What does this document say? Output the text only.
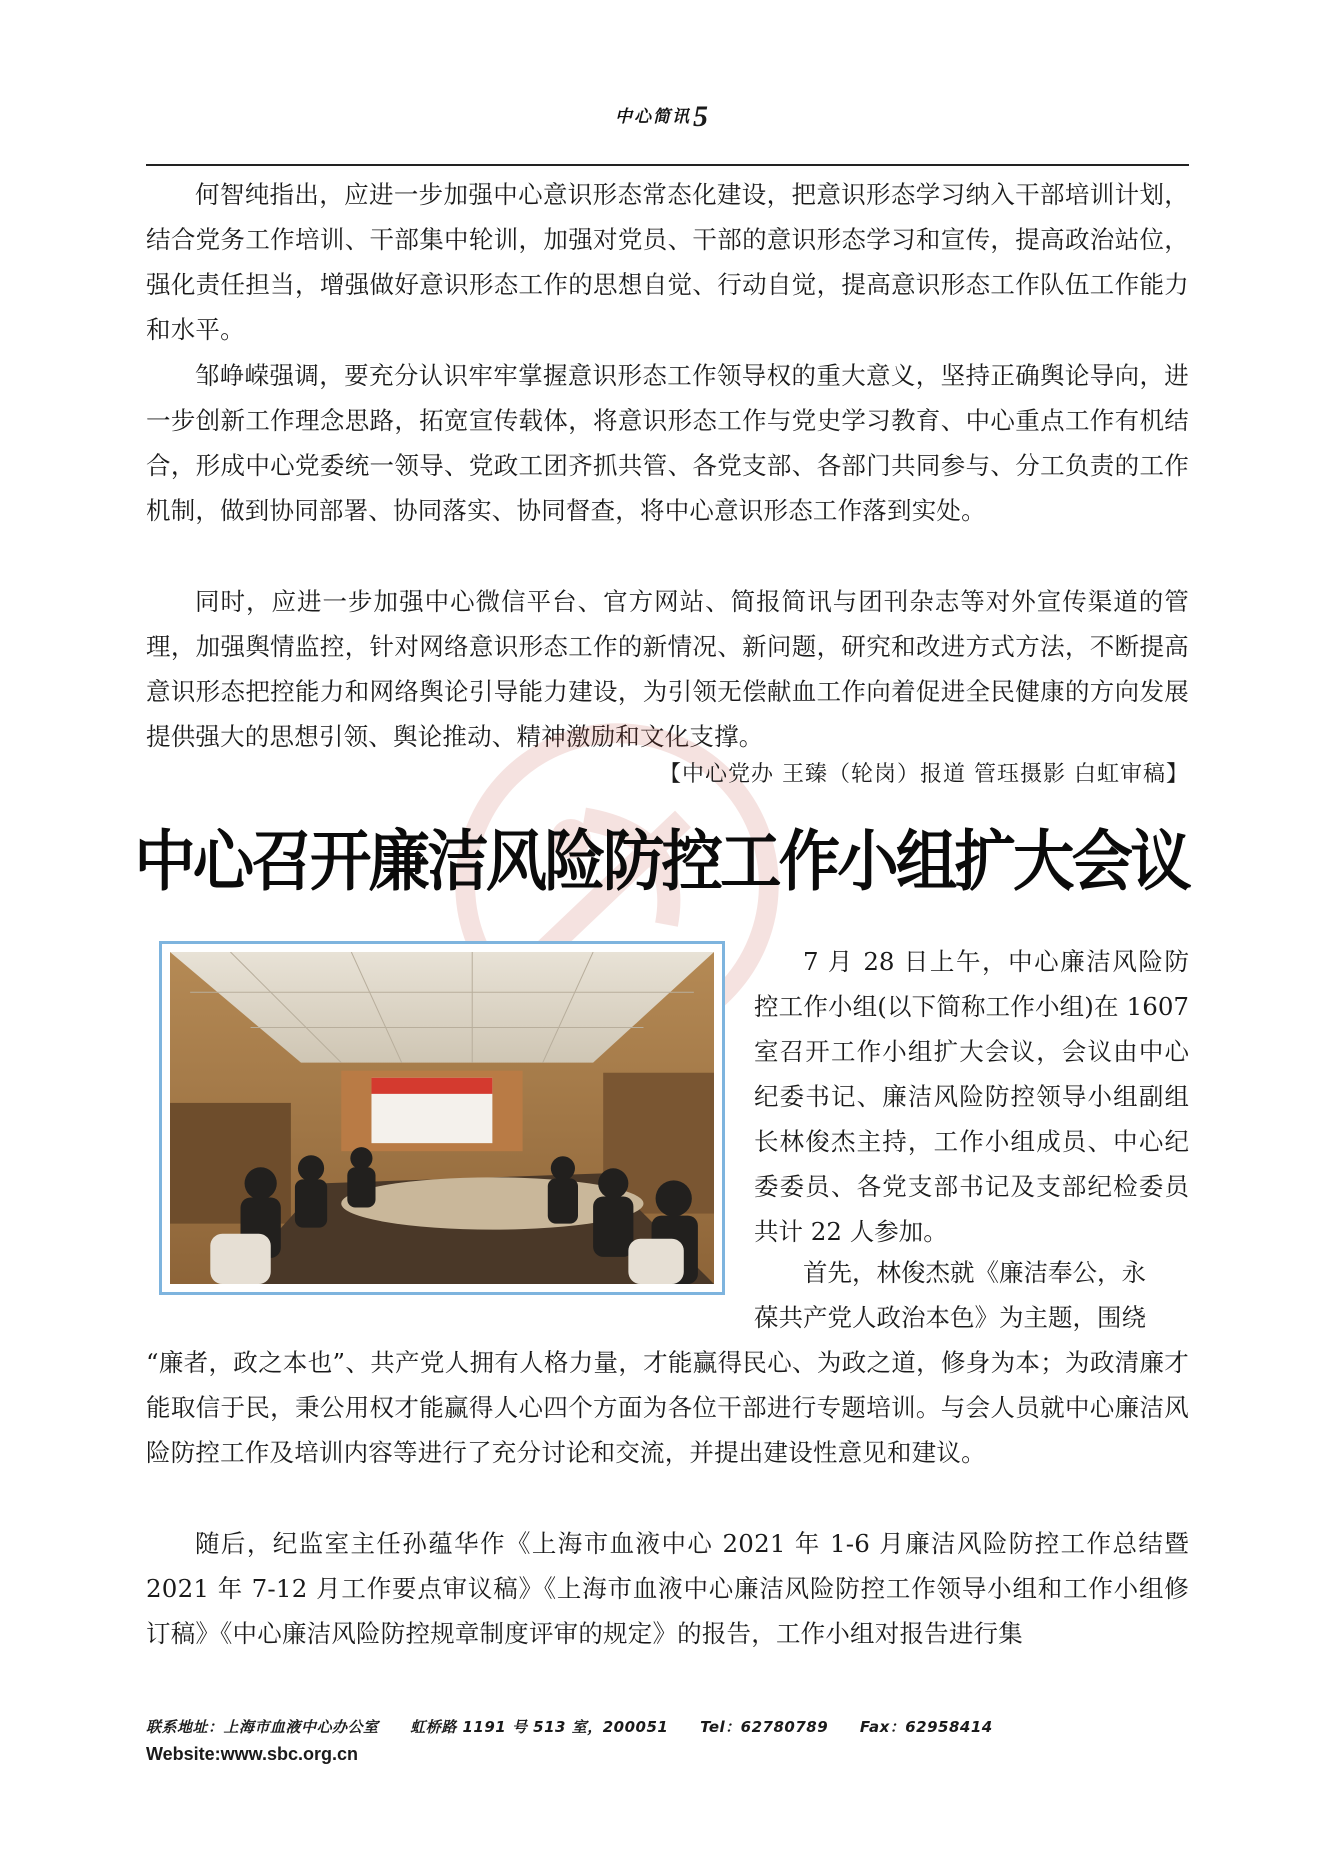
中心简讯5

何智纯指出，应进一步加强中心意识形态常态化建设，把意识形态学习纳入干部培训计划，结合党务工作培训、干部集中轮训，加强对党员、干部的意识形态学习和宣传，提高政治站位，强化责任担当，增强做好意识形态工作的思想自觉、行动自觉，提高意识形态工作队伍工作能力和水平。

邹峥嵘强调，要充分认识牢牢掌握意识形态工作领导权的重大意义，坚持正确舆论导向，进一步创新工作理念思路，拓宽宣传载体，将意识形态工作与党史学习教育、中心重点工作有机结合，形成中心党委统一领导、党政工团齐抓共管、各党支部、各部门共同参与、分工负责的工作机制，做到协同部署、协同落实、协同督查，将中心意识形态工作落到实处。

同时，应进一步加强中心微信平台、官方网站、简报简讯与团刊杂志等对外宣传渠道的管理，加强舆情监控，针对网络意识形态工作的新情况、新问题，研究和改进方式方法，不断提高意识形态把控能力和网络舆论引导能力建设，为引领无偿献血工作向着促进全民健康的方向发展提供强大的思想引领、舆论推动、精神激励和文化支撑。

【中心党办 王臻（轮岗）报道 管珏摄影 白虹审稿】
中心召开廉洁风险防控工作小组扩大会议

7 月 28 日上午，中心廉洁风险防控工作小组(以下简称工作小组)在 1607 室召开工作小组扩大会议，会议由中心纪委书记、廉洁风险防控领导小组副组长林俊杰主持，工作小组成员、中心纪委委员、各党支部书记及支部纪检委员共计 22 人参加。

首先，林俊杰就《廉洁奉公，永
葆共产党人政治本色》为主题，围绕

“廉者，政之本也”、共产党人拥有人格力量，才能赢得民心、为政之道，修身为本；为政清廉才能取信于民，秉公用权才能赢得人心四个方面为各位干部进行专题培训。与会人员就中心廉洁风险防控工作及培训内容等进行了充分讨论和交流，并提出建设性意见和建议。

随后，纪监室主任孙蕴华作《上海市血液中心 2021 年 1-6 月廉洁风险防控工作总结暨 2021 年 7-12 月工作要点审议稿》《上海市血液中心廉洁风险防控工作领导小组和工作小组修订稿》《中心廉洁风险防控规章制度评审的规定》的报告，工作小组对报告进行集

联系地址：上海市血液中心办公室 虹桥路 1191 号 513 室，200051 Tel：62780789 Fax：62958414
Website:www.sbc.org.cn
